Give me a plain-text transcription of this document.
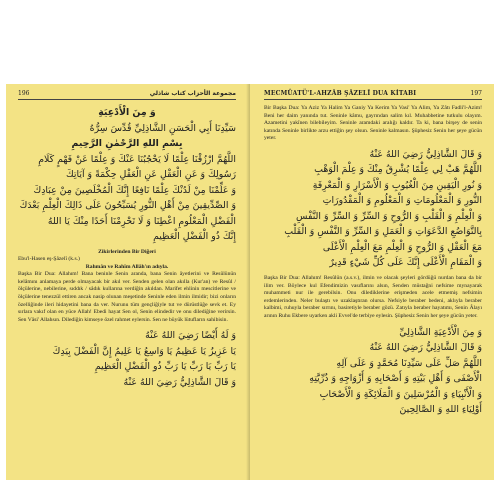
196	مجموعة الأحزاب كتاب شاذلي

وَ مِنَ الْأَدْعِيَةِ

سَيِّدِنَا أَبِي الْحَسَنِ الشَّاذِلِيِّ قُدِّسَ سِرُّهُ

بِسْمِ اللهِ الرَّحْمٰنِ الرَّحِيمِ

اللَّهُمَّ ارْزُقْنَا عِلْمًا لَا يَحْجُبُنَا عَنْكَ وَ عِلْمًا عَنْ فَهْمٍ كَلَامِ

رَسُولِكَ وَ عَنِ الْعَقْلِ عَنِ الْعَقْلِ حِكْمَةً وَ آيَاتِكَ

وَ عَلِّمْنَا مِنْ لَدُنْكَ عِلْمًا نَافِعًا إِنَّكَ الْمُخْلَصِينَ مِنْ عِبَادِكَ

وَ الصِّدِّيقِينَ مِنْ أَهْلِ النُّورِ يُسَبِّحُونَ عَلَى ذَالِكَ الْعِلْمِ بَعْدَكَ

الْفَضْلِ الْمَعْلُومِ اعْطِنَا وَ لَا تَحْرِمْنَا أَحَدًا مِنْكَ يَا اللهُ

إِنَّكَ ذُو الْفَضْلِ الْعَظِيمِ

Zikirlerinden Bir Diğeri

Ebu'l-Hasen eş-Şâzelî (k.s.)

Rahmân ve Rahîm Allâh'ın adıyla.

Başka Bir Dua: Allahım! Bana beninle Senin aranda, bana Senin âyetlerini ve Resûlünün kelâmını anlamaya perde olmayacak bir akıl ver. Senden gelen olan akılla (Kur'an) ve Resûl / ölçülerine, nebilerine, sıddık / sâdık kullarına verdiğin akıldan. Marifet ehlinin mescitlerine ve ölçülerine tenezzül ettiren ancak nasip olunan meşetinde Seninle eden ilmin ilmidir; bizi onların özelliğinde ileri hidayetini bana da ver. Nurunu tüm gençliğiyle tut ve dürüstlüğe sevk et. Ey sırlara vakıf olan en yüce Allah! Ebedi hayat Sen ol, Senin elindedir ve onu dilediğine verirsin. Sen Vâsi' Allahsın. Dilediğin kimseye özel rahmet eylersin. Sen ne büyük lütufların sahibisin.

وَ لَهُ أَيْضًا رَضِيَ اللهُ عَنْهُ

يَا عَزِيزُ يَا عَظِيمُ يَا وَاسِعُ يَا عَلِيمُ إِنَّ الْفَضْلَ بِيَدِكَ

يَا رَبِّ يَا رَبِّ يَا رَبِّ ذُو الْفَضْلِ الْعَظِيمِ

وَ قَالَ الشَّاذِلِيُّ رَضِيَ اللهُ عَنْهُ

MECMÛATÜ'L-AHZÂB ŞÂZELÎ DUA KİTABI	197

Bir Başka Dua: Ya Aziz Ya Halim Ya Ganiy Ya Kerim Ya Vasi' Ya Alim, Ya Zâtı Fadli'l-Azim! Beni her daim yanında tut. Seninle kâmu, gayrından salim kıl. Muhabbetine tutkulu olayım. Azametini yakînen bilebileyim. Seninle aramdaki aralığı kaldır. Ta ki, bana birşey de senin katında Seninle birlikte arzu ettiğin şey olsun. Seninle kalmasın. Şüphesiz Senin her şeye gücün yeter.

وَ قَالَ الشَّاذِلِيُّ رَضِيَ اللهُ عَنْهُ

اللَّهُمَّ هَبْ لِي عِلْمًا يُشْرِقُ مِنْكَ وَ عِلْمَ الْوَهْبِ

وَ نُورِ الْيَقِينِ مِنَ الْغُيُوبِ وَ الْأَسْرَارِ وَ الْمَعْرِفَةِ

النُّورِ وَ الْمَعْلُومَاتِ وَ الْمَعْلُومِ وَ الْمَقْدُورَاتِ

وَ الْعِلْمِ وَ الْقَلْبِ وَ الرُّوحِ وَ السِّرِّ وَ السِّرِّ وَ النَّفْسِ

بِالتَّوَاضُعِ الدَّعَوَاتِ وَ الْعَمَلِ وَ السِّرِّ وَ النَّفْسِ وَ الْقَلْبِ

مَعَ الْعَقْلِ وَ الرُّوحِ وَ الْعِلْمِ مَعَ الْعِلْمِ الْأَعْلَى

وَ الْمَقَامِ الْأَعْلَى إِنَّكَ عَلَى كُلِّ شَيْءٍ قَدِيرٌ

Başka Bir Dua: Allahım! Resûlün (a.s.v.), ilmin ve olacak şeyleri gördüğü nurdan bana da bir ilim ver. Böylece kul Efendimizin vasıflarını alsın, Senden müstağni nefsime mynayarak muhammeti nur ile gerebilsin. Onu dilediklerine erişmeden acele etmemiş nefsimin erdemlerinden. Neler bulaştı ve uzaklaştıran olursa. Nefsiyle beraber bedeni, aklıyla beraber kalbimi, ruhuyla beraber sırrını, basiretiyle beraber gözü. Zatıyla beraber hayatımı, Senin Âlayı arının Ruhu Ekbere uyarken akli Evvel'de terbiye eylesin. Şüphesiz Senin her şeye gücün yeter.

وَ مِنَ الْأَدْعِيَةِ الشَّاذِلِيِّ

وَ قَالَ الشَّاذِلِيُّ رَضِيَ اللهُ عَنْهُ

اللَّهُمَّ صَلِّ عَلَى سَيِّدِنَا مُحَمَّدٍ وَ عَلَى آلِهِ

الْأَصْفَى وَ أَهْلِ بَيْتِهِ وَ أَصْحَابِهِ وَ أَزْوَاجِهِ وَ ذُرِّيَّتِهِ

وَ الْأَنْبِيَاءِ وَ الْمُرْسَلِينَ وَ الْمَلَائِكَةِ وَ الْأَصْحَابِ

أَوْلِيَاءِ اللهِ وَ الصَّالِحِينَ
